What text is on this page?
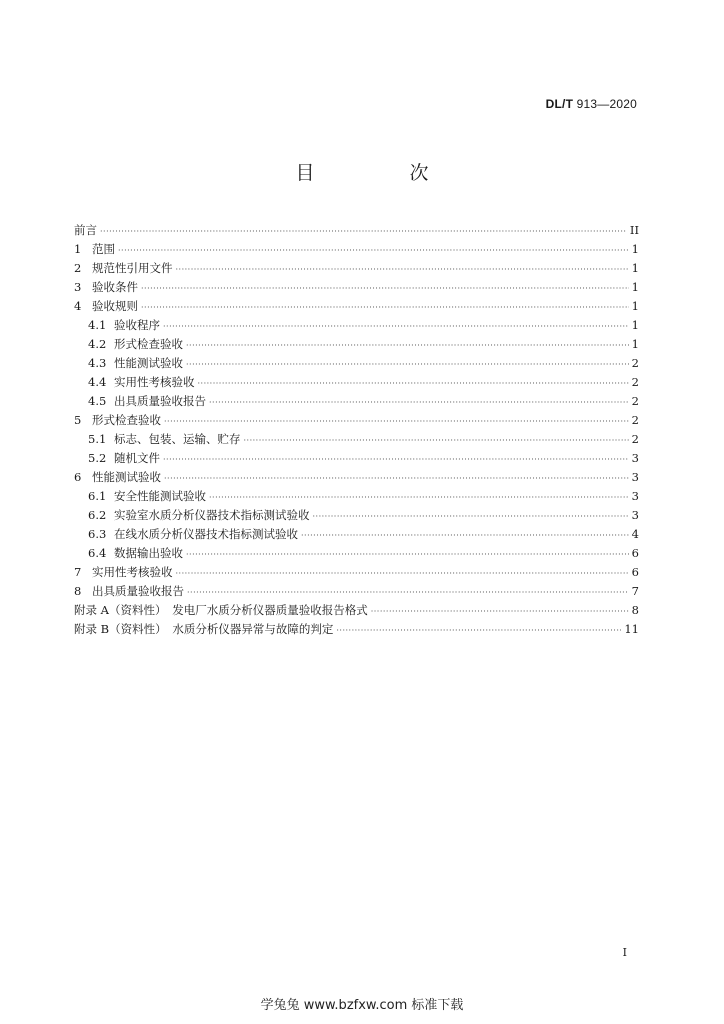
DL/T 913—2020
目　次
前言 ·····	II
1 范围 ·····	1
2 规范性引用文件 ·····	1
3 验收条件 ·····	1
4 验收规则 ·····	1
4.1 验收程序 ·····	1
4.2 形式检查验收 ·····	1
4.3 性能测试验收 ·····	2
4.4 实用性考核验收 ·····	2
4.5 出具质量验收报告 ·····	2
5 形式检查验收 ·····	2
5.1 标志、包装、运输、贮存 ·····	2
5.2 随机文件 ·····	3
6 性能测试验收 ·····	3
6.1 安全性能测试验收 ·····	3
6.2 实验室水质分析仪器技术指标测试验收 ·····	3
6.3 在线水质分析仪器技术指标测试验收 ·····	4
6.4 数据输出验收 ·····	6
7 实用性考核验收 ·····	6
8 出具质量验收报告 ·····	7
附录 A（资料性）　发电厂水质分析仪器质量验收报告格式 ·····	8
附录 B（资料性）　水质分析仪器异常与故障的判定 ·····	11
I
学兔兔 www.bzfxw.com 标准下载
